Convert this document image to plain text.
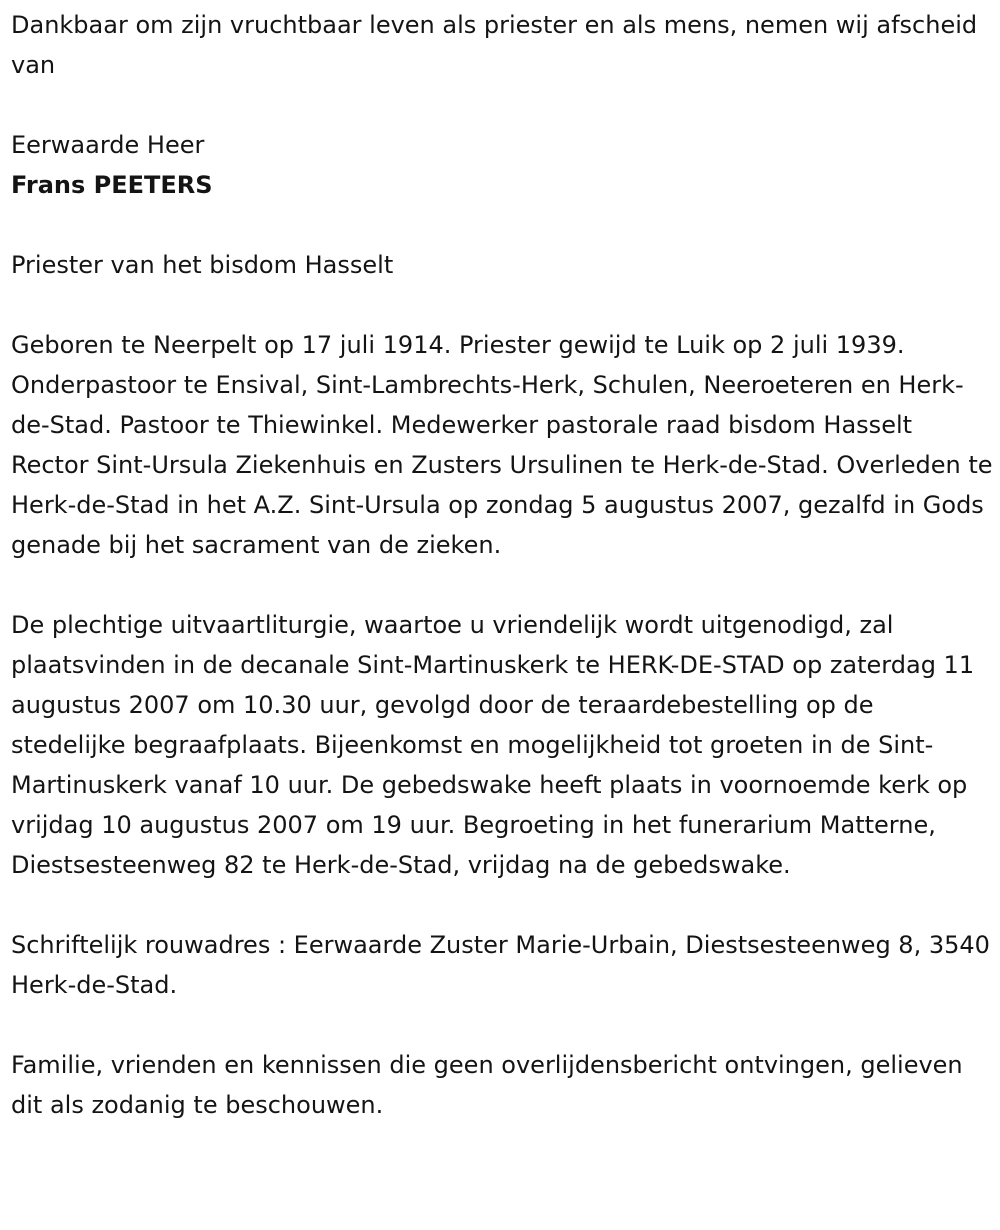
Dankbaar om zijn vruchtbaar leven als priester en als mens, nemen wij afscheid van

Eerwaarde Heer

Frans PEETERS

Priester van het bisdom Hasselt

Geboren te Neerpelt op 17 juli 1914. Priester gewijd te Luik op 2 juli 1939. Onderpastoor te Ensival, Sint-Lambrechts-Herk, Schulen, Neeroeteren en Herk-de-Stad. Pastoor te Thiewinkel. Medewerker pastorale raad bisdom Hasselt Rector Sint-Ursula Ziekenhuis en Zusters Ursulinen te Herk-de-Stad. Overleden te Herk-de-Stad in het A.Z. Sint-Ursula op zondag 5 augustus 2007, gezalfd in Gods genade bij het sacrament van de zieken.

De plechtige uitvaartliturgie, waartoe u vriendelijk wordt uitgenodigd, zal plaatsvinden in de decanale Sint-Martinuskerk te HERK-DE-STAD op zaterdag 11 augustus 2007 om 10.30 uur, gevolgd door de teraardebestelling op de stedelijke begraafplaats. Bijeenkomst en mogelijkheid tot groeten in de Sint-Martinuskerk vanaf 10 uur. De gebedswake heeft plaats in voornoemde kerk op vrijdag 10 augustus 2007 om 19 uur. Begroeting in het funerarium Matterne, Diestsesteenweg 82 te Herk-de-Stad, vrijdag na de gebedswake.

Schriftelijk rouwadres : Eerwaarde Zuster Marie-Urbain, Diestsesteenweg 8, 3540 Herk-de-Stad.

Familie, vrienden en kennissen die geen overlijdensbericht ontvingen, gelieven dit als zodanig te beschouwen.
